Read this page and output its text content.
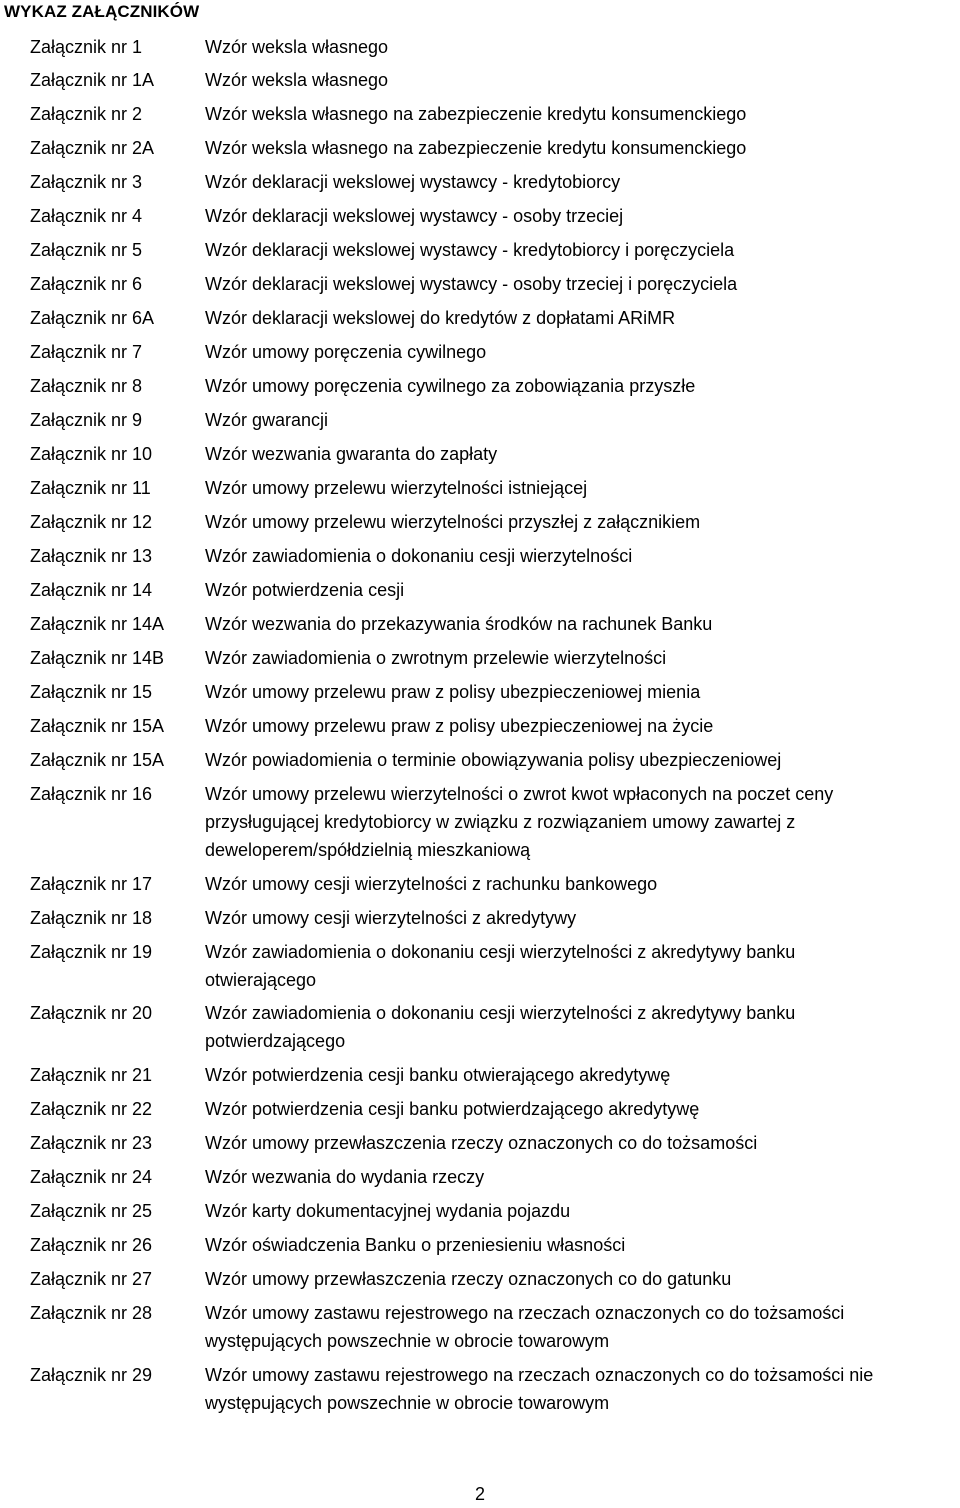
WYKAZ ZAŁĄCZNIKÓW
Załącznik nr 1	Wzór weksla własnego
Załącznik nr 1A	Wzór weksla własnego
Załącznik nr 2	Wzór weksla własnego na zabezpieczenie kredytu konsumenckiego
Załącznik nr 2A	Wzór weksla własnego na zabezpieczenie kredytu konsumenckiego
Załącznik nr 3	Wzór deklaracji wekslowej wystawcy - kredytobiorcy
Załącznik nr 4	Wzór deklaracji wekslowej wystawcy - osoby trzeciej
Załącznik nr 5	Wzór deklaracji wekslowej wystawcy - kredytobiorcy i poręczyciela
Załącznik nr 6	Wzór deklaracji wekslowej wystawcy - osoby trzeciej i poręczyciela
Załącznik nr 6A	Wzór deklaracji wekslowej do kredytów z dopłatami ARiMR
Załącznik nr 7	Wzór umowy poręczenia cywilnego
Załącznik nr 8	Wzór umowy poręczenia cywilnego za zobowiązania przyszłe
Załącznik nr 9	Wzór gwarancji
Załącznik nr 10	Wzór wezwania gwaranta do zapłaty
Załącznik nr 11	Wzór umowy przelewu wierzytelności istniejącej
Załącznik nr 12	Wzór umowy przelewu wierzytelności przyszłej z załącznikiem
Załącznik nr 13	Wzór zawiadomienia o dokonaniu cesji wierzytelności
Załącznik nr 14	Wzór potwierdzenia cesji
Załącznik nr 14A	Wzór wezwania do przekazywania środków na rachunek Banku
Załącznik nr 14B	Wzór zawiadomienia o zwrotnym przelewie wierzytelności
Załącznik nr 15	Wzór umowy przelewu praw z polisy ubezpieczeniowej mienia
Załącznik nr 15A	Wzór umowy przelewu praw z polisy ubezpieczeniowej na życie
Załącznik nr 15A	Wzór powiadomienia o terminie obowiązywania polisy ubezpieczeniowej
Załącznik nr 16	Wzór umowy przelewu wierzytelności o zwrot kwot wpłaconych na poczet ceny
przysługującej kredytobiorcy w związku z rozwiązaniem umowy zawartej z
deweloperem/spółdzielnią mieszkaniową
Załącznik nr 17	Wzór umowy cesji wierzytelności z rachunku bankowego
Załącznik nr 18	Wzór umowy cesji wierzytelności z akredytywy
Załącznik nr 19	Wzór zawiadomienia o dokonaniu cesji wierzytelności z akredytywy banku
otwierającego
Załącznik nr 20	Wzór zawiadomienia o dokonaniu cesji wierzytelności z akredytywy banku
potwierdzającego
Załącznik nr 21	Wzór potwierdzenia cesji banku otwierającego akredytywę
Załącznik nr 22	Wzór potwierdzenia cesji banku potwierdzającego akredytywę
Załącznik nr 23	Wzór umowy przewłaszczenia rzeczy oznaczonych co do tożsamości
Załącznik nr 24	Wzór wezwania do wydania rzeczy
Załącznik nr 25	Wzór karty dokumentacyjnej wydania pojazdu
Załącznik nr 26	Wzór oświadczenia Banku o przeniesieniu własności
Załącznik nr 27	Wzór umowy przewłaszczenia rzeczy oznaczonych co do gatunku
Załącznik nr 28	Wzór umowy zastawu rejestrowego na rzeczach oznaczonych co do tożsamości
występujących powszechnie w obrocie towarowym
Załącznik nr 29	Wzór umowy zastawu rejestrowego na rzeczach oznaczonych co do tożsamości nie
występujących powszechnie w obrocie towarowym
2
